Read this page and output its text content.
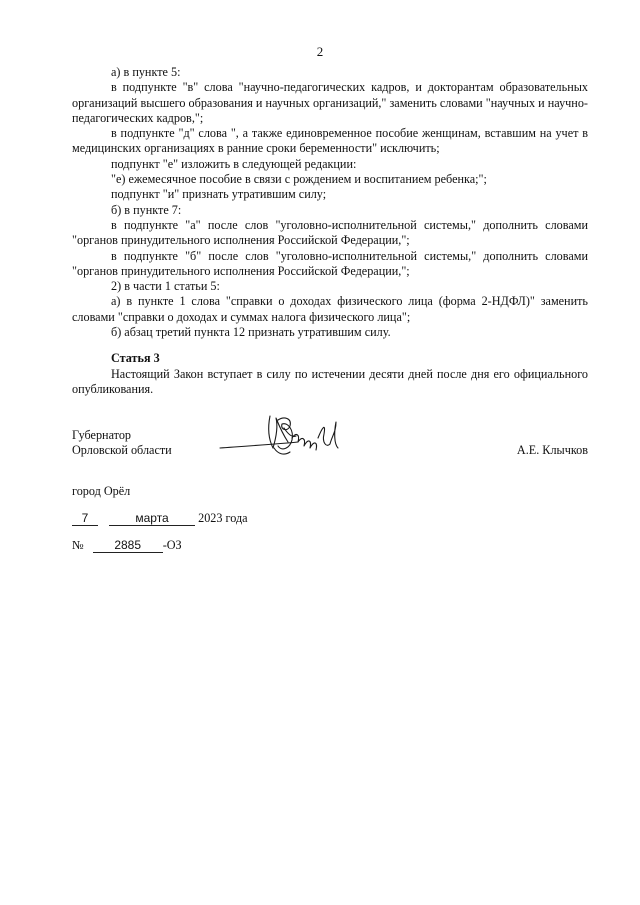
2

а) в пункте 5:

в подпункте "в" слова "научно-педагогических кадров, и докторантам образовательных организаций высшего образования и научных организаций," заменить словами "научных и научно-педагогических кадров,";

в подпункте "д" слова ", а также единовременное пособие женщинам, вставшим на учет в медицинских организациях в ранние сроки беременности" исключить;

подпункт "е" изложить в следующей редакции:

"е) ежемесячное пособие в связи с рождением и воспитанием ребенка;";

подпункт "и" признать утратившим силу;

б) в пункте 7:

в подпункте "а" после слов "уголовно-исполнительной системы," дополнить словами "органов принудительного исполнения Российской Федерации,";

в подпункте "б" после слов "уголовно-исполнительной системы," дополнить словами "органов принудительного исполнения Российской Федерации,";

2) в части 1 статьи 5:

а) в пункте 1 слова "справки о доходах физического лица (форма 2-НДФЛ)" заменить словами "справки о доходах и суммах налога физического лица";

б) абзац третий пункта 12 признать утратившим силу.

Статья 3

Настоящий Закон вступает в силу по истечении десяти дней после дня его официального опубликования.

Губернатор
Орловской области	А.Е. Клычков
город Орёл
7	марта 2023 года
№	2885 -ОЗ
